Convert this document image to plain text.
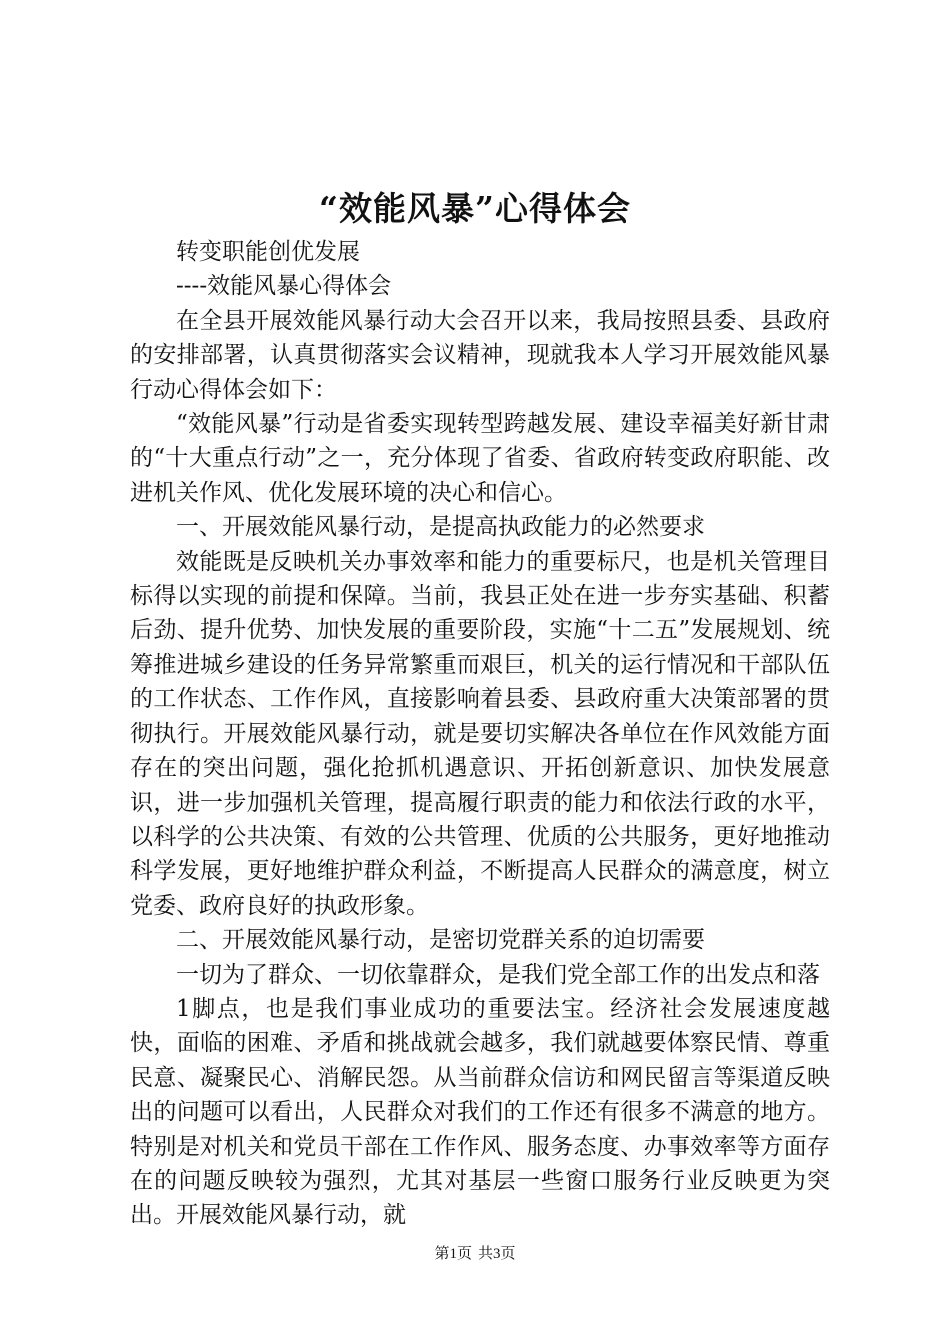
“效能风暴”心得体会

转变职能创优发展

----效能风暴心得体会

在全县开展效能风暴行动大会召开以来，我局按照县委、县政府的安排部署，认真贯彻落实会议精神，现就我本人学习开展效能风暴行动心得体会如下：

“效能风暴”行动是省委实现转型跨越发展、建设幸福美好新甘肃的“十大重点行动”之一，充分体现了省委、省政府转变政府职能、改进机关作风、优化发展环境的决心和信心。

一、开展效能风暴行动，是提高执政能力的必然要求

效能既是反映机关办事效率和能力的重要标尺，也是机关管理目标得以实现的前提和保障。当前，我县正处在进一步夯实基础、积蓄后劲、提升优势、加快发展的重要阶段，实施“十二五”发展规划、统筹推进城乡建设的任务异常繁重而艰巨，机关的运行情况和干部队伍的工作状态、工作作风，直接影响着县委、县政府重大决策部署的贯彻执行。开展效能风暴行动，就是要切实解决各单位在作风效能方面存在的突出问题，强化抢抓机遇意识、开拓创新意识、加快发展意识，进一步加强机关管理，提高履行职责的能力和依法行政的水平，以科学的公共决策、有效的公共管理、优质的公共服务，更好地推动科学发展，更好地维护群众利益，不断提高人民群众的满意度，树立党委、政府良好的执政形象。

二、开展效能风暴行动，是密切党群关系的迫切需要

一切为了群众、一切依靠群众，是我们党全部工作的出发点和落

1脚点，也是我们事业成功的重要法宝。经济社会发展速度越快，面临的困难、矛盾和挑战就会越多，我们就越要体察民情、尊重民意、凝聚民心、消解民怨。从当前群众信访和网民留言等渠道反映出的问题可以看出，人民群众对我们的工作还有很多不满意的地方。特别是对机关和党员干部在工作作风、服务态度、办事效率等方面存在的问题反映较为强烈，尤其对基层一些窗口服务行业反映更为突出。开展效能风暴行动，就

第1页 共3页
